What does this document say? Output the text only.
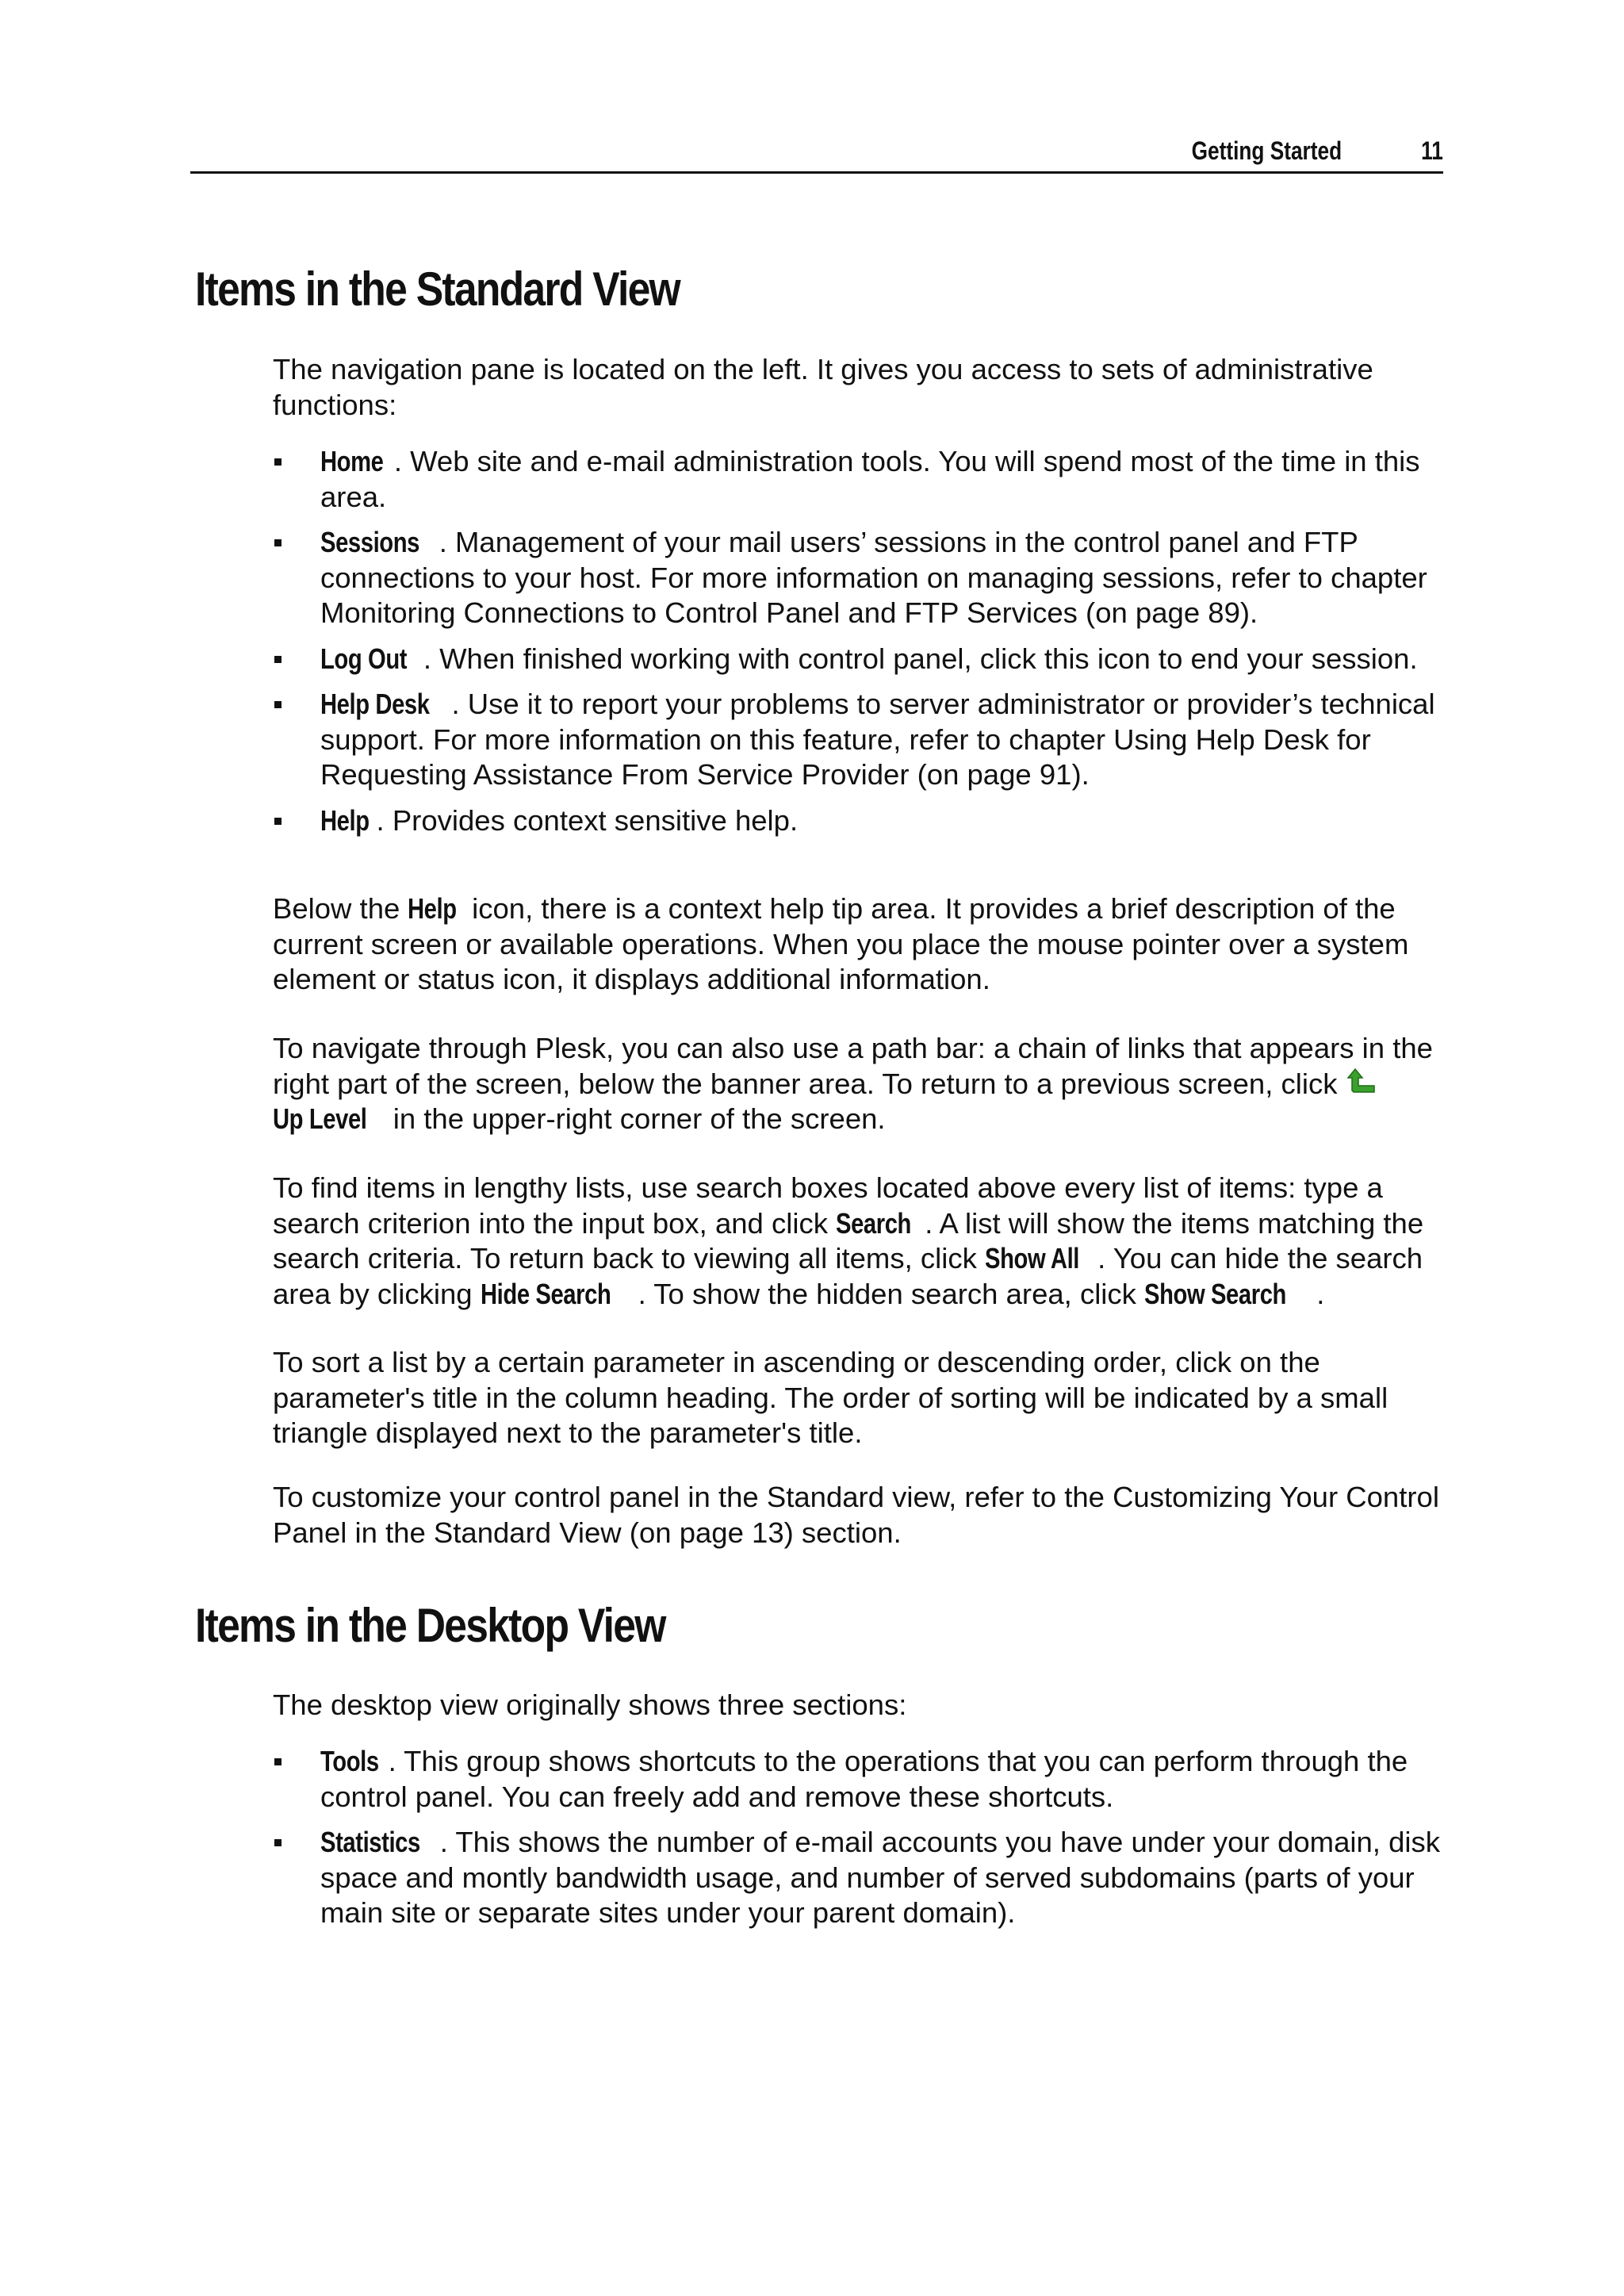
Getting Started	11
Items in the Standard View

The navigation pane is located on the left. It gives you access to sets of administrative functions:

Home . Web site and e-mail administration tools. You will spend most of the time in this area.
Sessions . Management of your mail users’ sessions in the control panel and FTP connections to your host. For more information on managing sessions, refer to chapter Monitoring Connections to Control Panel and FTP Services (on page 89).
Log Out . When finished working with control panel, click this icon to end your session.
Help Desk . Use it to report your problems to server administrator or provider’s technical support. For more information on this feature, refer to chapter Using Help Desk for Requesting Assistance From Service Provider (on page 91).
Help . Provides context sensitive help.

Below the Help icon, there is a context help tip area. It provides a brief description of the current screen or available operations. When you place the mouse pointer over a system element or status icon, it displays additional information.

To navigate through Plesk, you can also use a path bar: a chain of links that appears in the right part of the screen, below the banner area. To return to a previous screen, click Up Level in the upper-right corner of the screen.

To find items in lengthy lists, use search boxes located above every list of items: type a search criterion into the input box, and click Search . A list will show the items matching the search criteria. To return back to viewing all items, click Show All . You can hide the search area by clicking Hide Search . To show the hidden search area, click Show Search .

To sort a list by a certain parameter in ascending or descending order, click on the parameter's title in the column heading. The order of sorting will be indicated by a small triangle displayed next to the parameter's title.

To customize your control panel in the Standard view, refer to the Customizing Your Control Panel in the Standard View (on page 13) section.

Items in the Desktop View

The desktop view originally shows three sections:

Tools . This group shows shortcuts to the operations that you can perform through the control panel. You can freely add and remove these shortcuts.
Statistics . This shows the number of e-mail accounts you have under your domain, disk space and montly bandwidth usage, and number of served subdomains (parts of your main site or separate sites under your parent domain).
